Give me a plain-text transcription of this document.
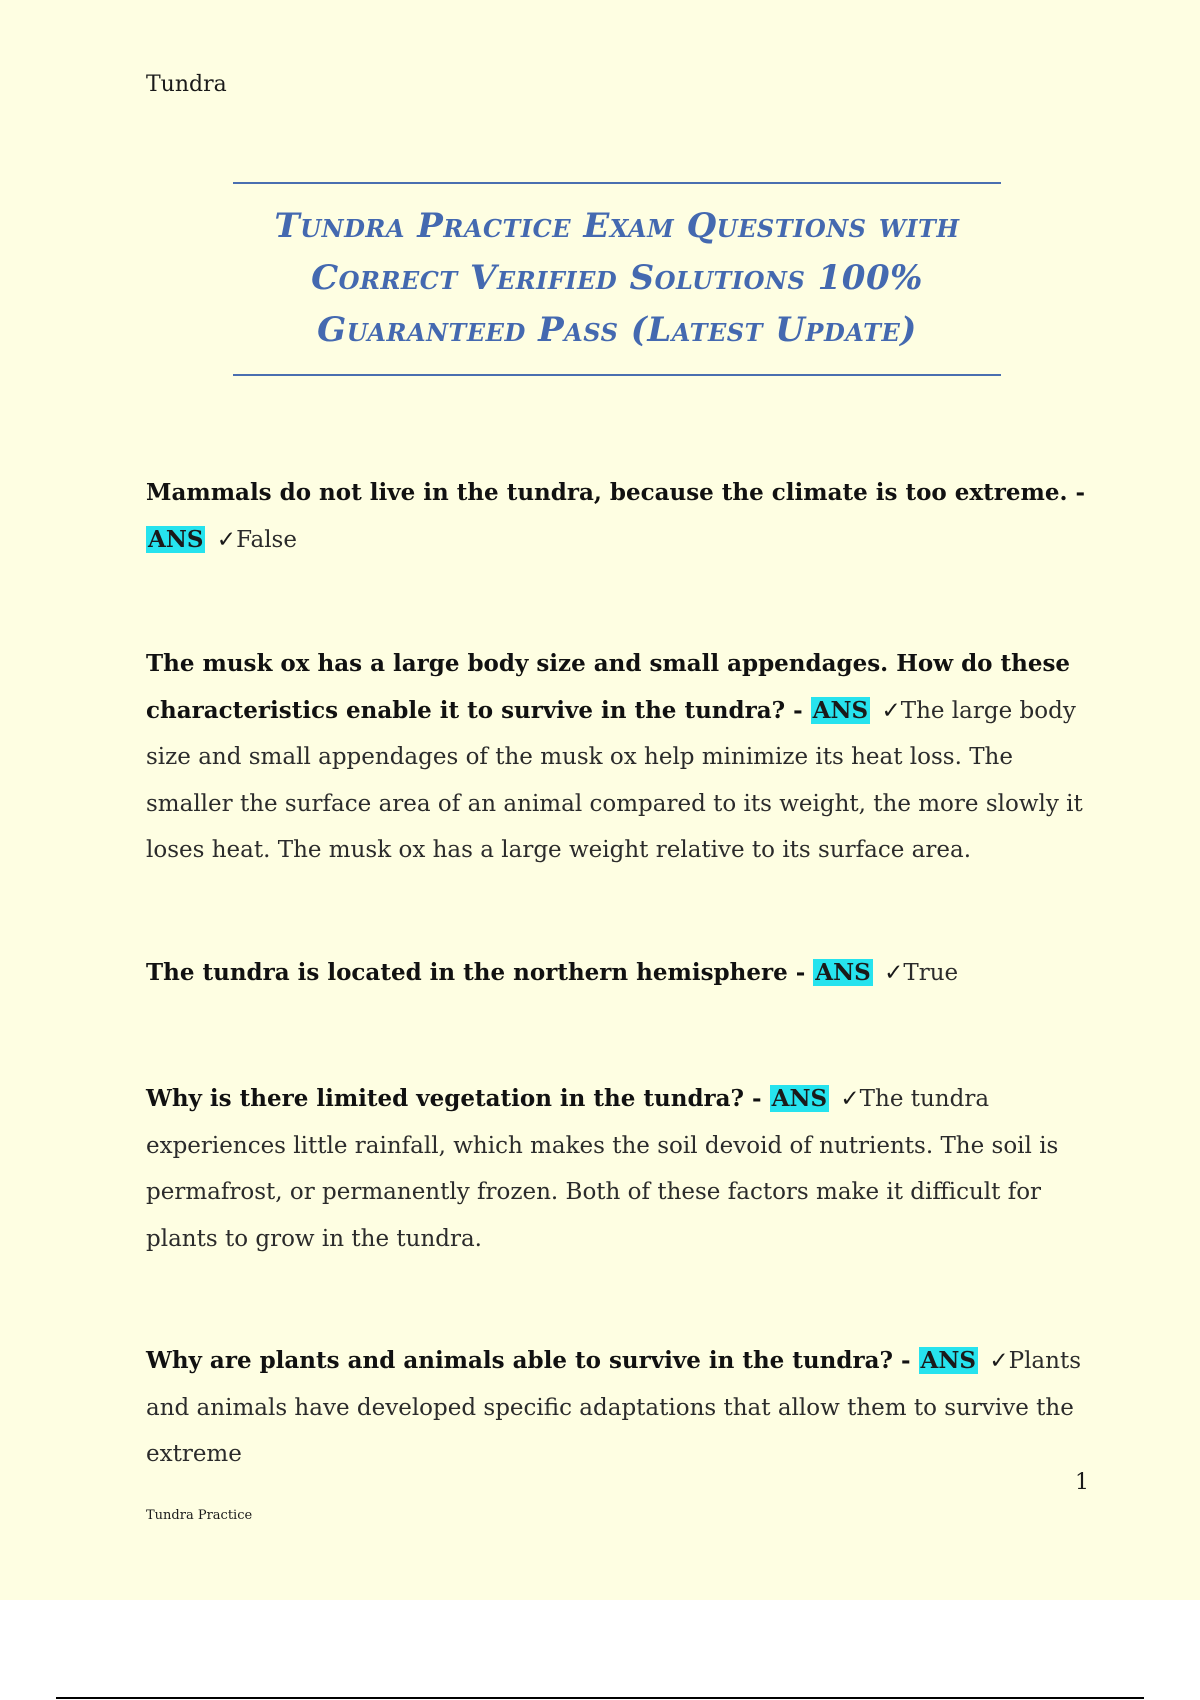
Tundra
Tundra Practice Exam Questions with Correct Verified Solutions 100% Guaranteed Pass (Latest Update)
Mammals do not live in the tundra, because the climate is too extreme. - ANS ✓False
The musk ox has a large body size and small appendages. How do these characteristics enable it to survive in the tundra? - ANS ✓The large body size and small appendages of the musk ox help minimize its heat loss. The smaller the surface area of an animal compared to its weight, the more slowly it loses heat. The musk ox has a large weight relative to its surface area.
The tundra is located in the northern hemisphere - ANS ✓True
Why is there limited vegetation in the tundra? - ANS ✓The tundra experiences little rainfall, which makes the soil devoid of nutrients. The soil is permafrost, or permanently frozen. Both of these factors make it difficult for plants to grow in the tundra.
Why are plants and animals able to survive in the tundra? - ANS ✓Plants and animals have developed specific adaptations that allow them to survive the extreme
1
Tundra Practice
